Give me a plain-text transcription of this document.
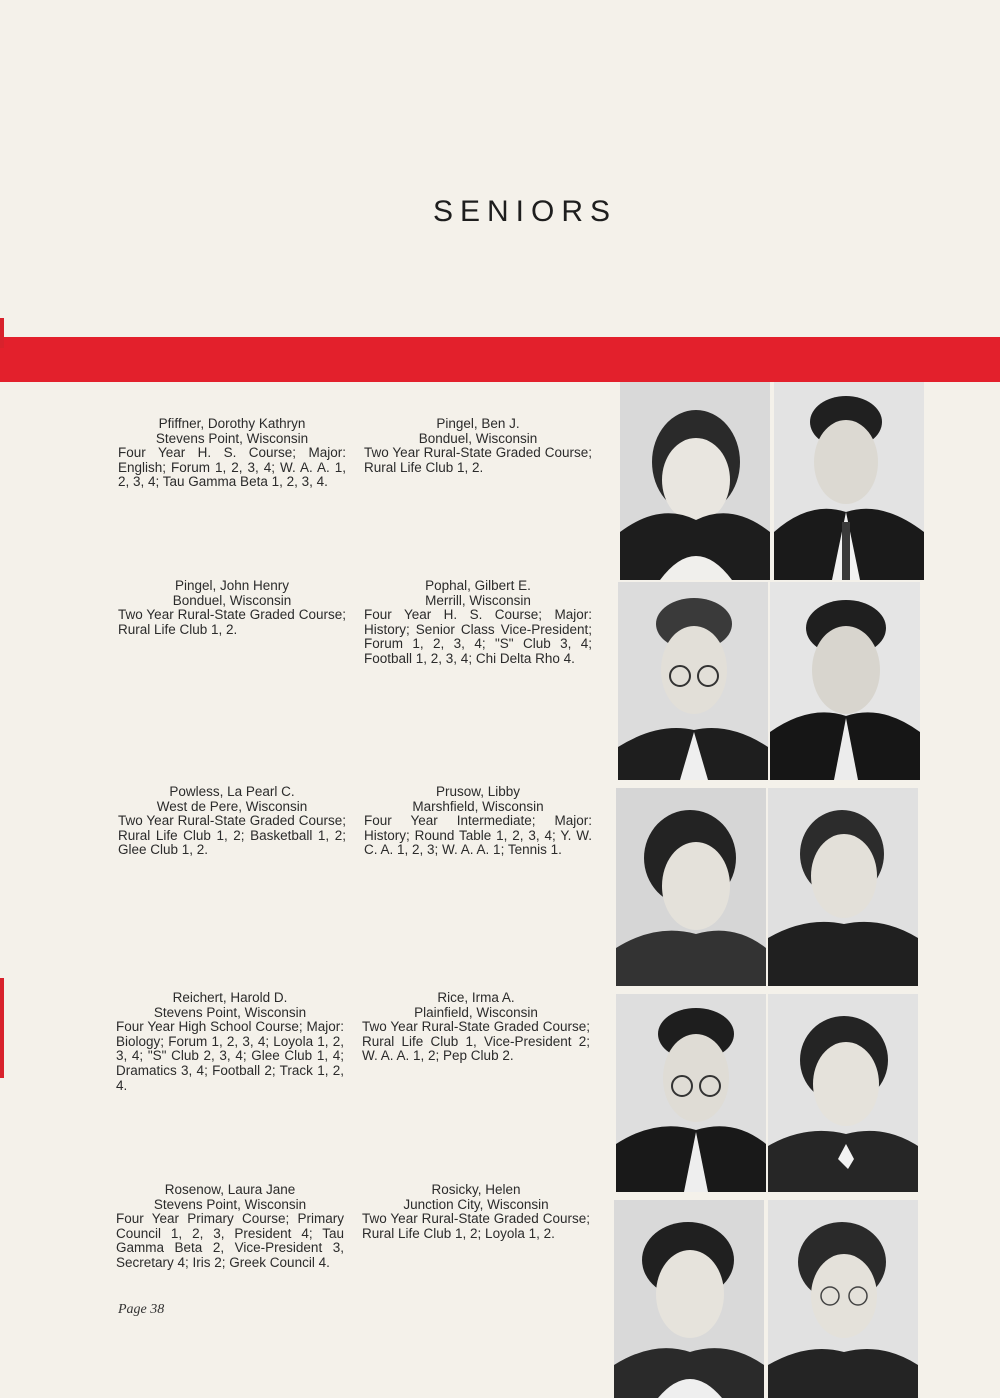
SENIORS
Pfiffner, Dorothy Kathryn
Stevens Point, Wisconsin
Four Year H. S. Course; Major: English; Forum 1, 2, 3, 4; W. A. A. 1, 2, 3, 4; Tau Gamma Beta 1, 2, 3, 4.
Pingel, Ben J.
Bonduel, Wisconsin
Two Year Rural-State Graded Course; Rural Life Club 1, 2.
Pingel, John Henry
Bonduel, Wisconsin
Two Year Rural-State Graded Course; Rural Life Club 1, 2.
Pophal, Gilbert E.
Merrill, Wisconsin
Four Year H. S. Course; Major: History; Senior Class Vice-President; Forum 1, 2, 3, 4; "S" Club 3, 4; Football 1, 2, 3, 4; Chi Delta Rho 4.
Powless, La Pearl C.
West de Pere, Wisconsin
Two Year Rural-State Graded Course; Rural Life Club 1, 2; Basketball 1, 2; Glee Club 1, 2.
Prusow, Libby
Marshfield, Wisconsin
Four Year Intermediate; Major: History; Round Table 1, 2, 3, 4; Y. W. C. A. 1, 2, 3; W. A. A. 1; Tennis 1.
Reichert, Harold D.
Stevens Point, Wisconsin
Four Year High School Course; Major: Biology; Forum 1, 2, 3, 4; Loyola 1, 2, 3, 4; "S" Club 2, 3, 4; Glee Club 1, 4; Dramatics 3, 4; Football 2; Track 1, 2, 4.
Rice, Irma A.
Plainfield, Wisconsin
Two Year Rural-State Graded Course; Rural Life Club 1, Vice-President 2; W. A. A. 1, 2; Pep Club 2.
Rosenow, Laura Jane
Stevens Point, Wisconsin
Four Year Primary Course; Primary Council 1, 2, 3, President 4; Tau Gamma Beta 2, Vice-President 3, Secretary 4; Iris 2; Greek Council 4.
Rosicky, Helen
Junction City, Wisconsin
Two Year Rural-State Graded Course; Rural Life Club 1, 2; Loyola 1, 2.
Page 38
